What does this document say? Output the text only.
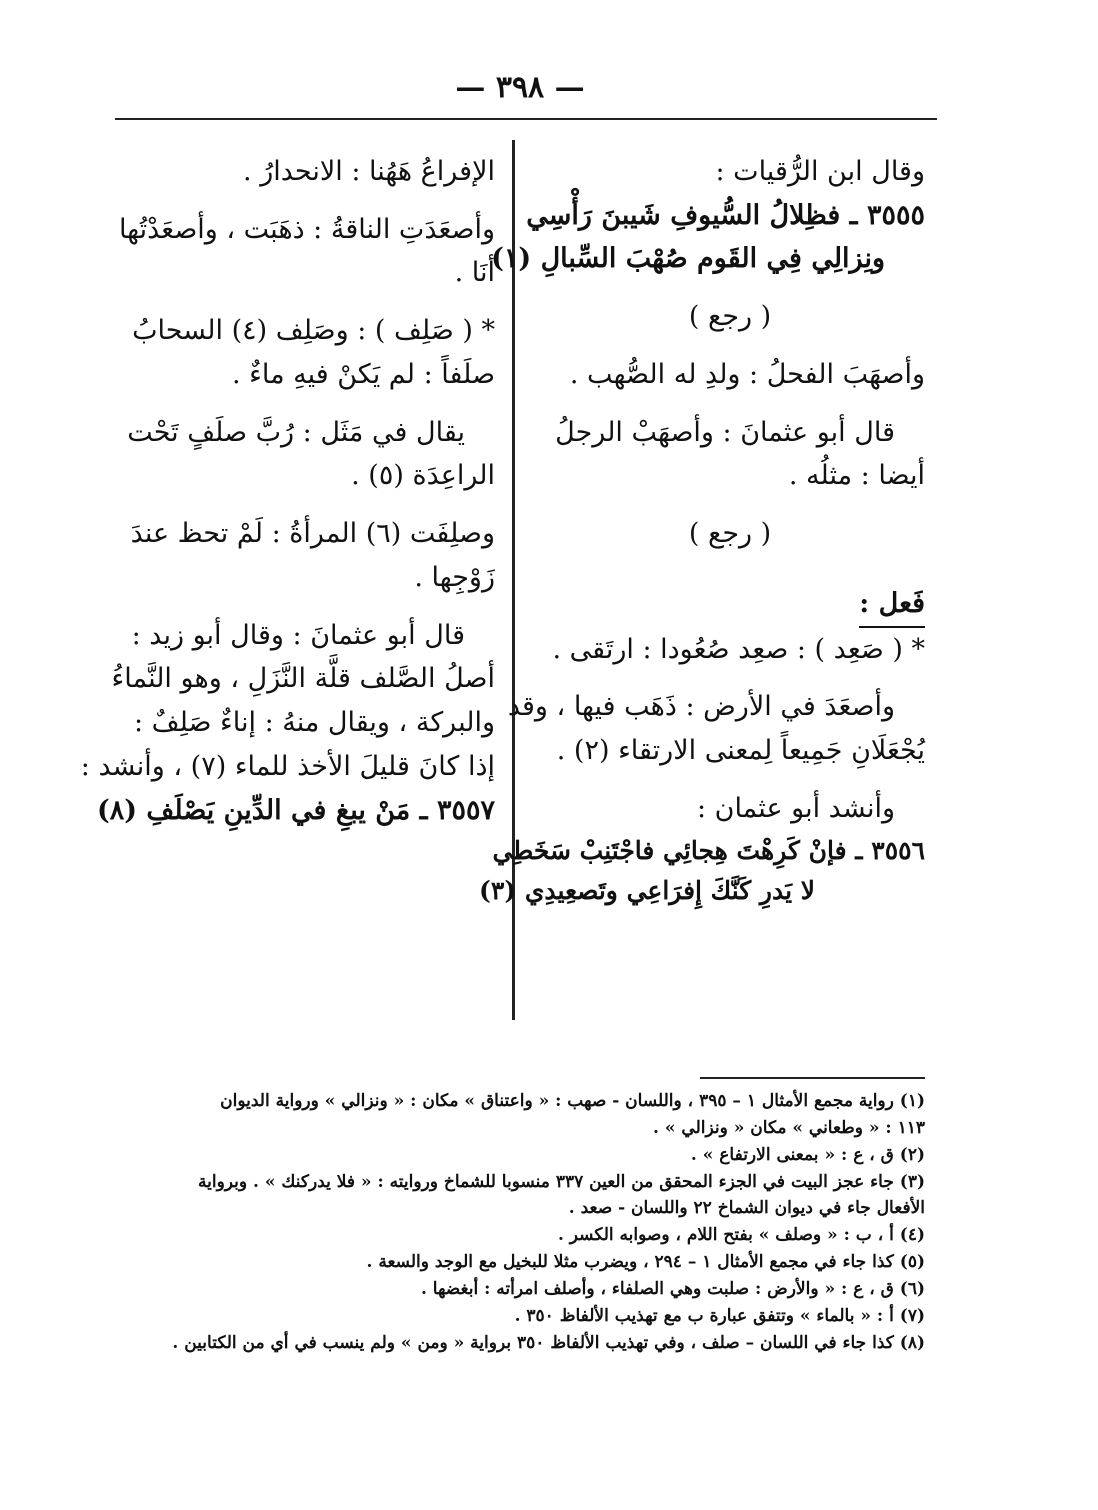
— ٣٩٨ —
وقال ابن الرُّقيات :
٣٥٥٥ ـ فظِلالُ السُّيوفِ شَيبنَ رَأْسِي
ونِزالِي فِي القَوم صُهْبَ السِّبالِ (١)
( رجع )
وأصهَبَ الفحلُ : ولدِ له الصُّهب .
قال أبو عثمانَ : وأصهَبْ الرجلُ
أيضا : مثلُه .
( رجع )
فَعل :
* ( صَعِد ) : صعِد صُعُودا : ارتَقى .
وأصعَدَ في الأرض : ذَهَب فيها ، وقد
يُجْعَلَانِ جَمِيعاً لِمعنى الارتقاء (٢) .
وأنشد أبو عثمان :
٣٥٥٦ ـ فإنْ كَرِهْتَ هِجائِي فاجْتَنِبْ سَخَطِي
لا يَدرِ كَنَّكَ إِفرَاعِي وتَصعِيدِي (٣)
الإفراعُ هَهُنا : الانحدارُ .
وأصعَدَتِ الناقةُ : ذهَبَت ، وأصعَدْتُها
أنَا .
* ( صَلِف ) : وصَلِف (٤) السحابُ
صلَفاً : لم يَكنْ فيهِ ماءٌ .
يقال في مَثَل : رُبَّ صلَفٍ تَحْت
الراعِدَة (٥) .
وصلِفَت (٦) المرأةُ : لَمْ تحظ عندَ
زَوْجِها .
قال أبو عثمانَ : وقال أبو زيد :
أصلُ الصَّلف قلَّة النَّزَلِ ، وهو النَّماءُ
والبركة ، ويقال منهُ : إناءٌ صَلِفٌ :
إذا كانَ قليلَ الأخذ للماء (٧) ، وأنشد :
٣٥٥٧ ـ مَنْ يبغِ في الدِّينِ يَصْلَفِ (٨)
(١) رواية مجمع الأمثال ١ – ٣٩٥ ، واللسان - صهب : « واعتناق » مكان : « ونزالي » ورواية الديوان
١١٣ : « وطعاني » مكان « ونزالي » .
(٢) ق ، ع : « بمعنى الارتفاع » .
(٣) جاء عجز البيت في الجزء المحقق من العين ٣٣٧ منسوبا للشماخ وروايته : « فلا يدركنك » . وبرواية
الأفعال جاء في ديوان الشماخ ٢٢ واللسان - صعد .
(٤) أ ، ب : « وصلف » بفتح اللام ، وصوابه الكسر .
(٥) كذا جاء في مجمع الأمثال ١ – ٢٩٤ ، ويضرب مثلا للبخيل مع الوجد والسعة .
(٦) ق ، ع : « والأرض : صلبت وهي الصلفاء ، وأصلف امرأته : أبغضها .
(٧) أ : « بالماء » وتتفق عبارة ب مع تهذيب الألفاظ ٣٥٠ .
(٨) كذا جاء في اللسان – صلف ، وفي تهذيب الألفاظ ٣٥٠ برواية « ومن » ولم ينسب في أي من الكتابين .
